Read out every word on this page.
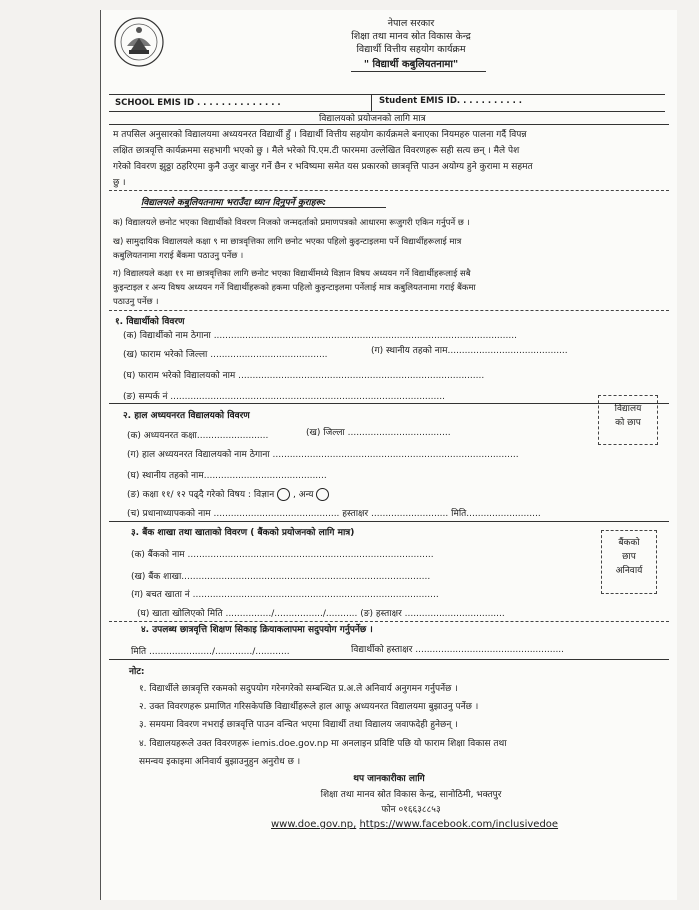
नेपाल सरकार
शिक्षा तथा मानव स्रोत विकास केन्द्र
विद्यार्थी वित्तीय सहयोग कार्यक्रम
" विद्यार्थी कबुलियतनामा"
SCHOOL EMIS ID . . . . . . . . . . . . . .	Student EMIS ID. . . . . . . . . . .
विद्यालयको प्रयोजनको लागि मात्र
म तपसिल अनुसारको विद्यालयमा अध्ययनरत विद्यार्थी हुँ । विद्यार्थी वित्तीय सहयोग कार्यक्रमले बनाएका नियमहरु पालना गर्दै विपन्न
लक्षित छात्रवृत्ति कार्यक्रममा सहभागी भएको छु । मैले भरेको पि.एम.टी फारममा उल्लेखित विवरणहरू सही सत्य छन् । मैले पेश
गरेको विवरण झुठ्ठा ठहरिएमा कुनै उजुर बाजुर गर्ने छैन र भविष्यमा समेत यस प्रकारको छात्रवृत्ति पाउन अयोग्य हुने कुरामा म सहमत
छु ।
विद्यालयले कबुलियतनामा भराउँदा ध्यान दिनुपर्ने कुराहरू:
क) विद्यालयले छनोट भएका विद्यार्थीको विवरण निजको जन्मदर्ताको प्रमाणपत्रको आधारमा रूजुगरी एकिन गर्नुपर्ने छ ।
ख) सामुदायिक विद्यालयले कक्षा ९ मा छात्रवृत्तिका लागि छनोट भएका पहिलो कुइन्टाइलमा पर्ने विद्यार्थीहरूलाई मात्र
कबुलियतनामा गराई बैंकमा पठाउनु पर्नेछ ।
ग) विद्यालयले कक्षा ११ मा छात्रवृत्तिका लागि छनोट भएका विद्यार्थीमध्ये विज्ञान विषय अध्ययन गर्ने विद्यार्थीहरूलाई सबै
कुइन्टाइल र अन्य विषय अध्ययन गर्ने विद्यार्थीहरूको हकमा पहिलो कुइन्टाइलमा पर्नेलाई मात्र कबुलियतनामा गराई बैंकमा
पठाउनु पर्नेछ ।
१. विद्यार्थीको विवरण
(क) विद्यार्थीको नाम ठेगाना ..........................................................................................................
(ख) फाराम भरेको जिल्ला .........................................	(ग) स्थानीय तहको नाम..........................................
(घ) फाराम भरेको विद्यालयको नाम ......................................................................................
(ङ) सम्पर्क नं ................................................................................................
२. हाल अध्ययनरत विद्यालयको विवरण
(क) अध्ययनरत कक्षा.........................	(ख) जिल्ला ....................................
(ग) हाल अध्ययनरत विद्यालयको नाम ठेगाना ......................................................................................
(घ) स्थानीय तहको नाम...........................................
(ङ) कक्षा ११/ १२ पढ्दै गरेको विषय : विज्ञान , अन्य
(च) प्रधानाध्यापकको नाम ............................................ हस्ताक्षर ........................... मिति..........................
विद्यालय
को छाप
३. बैंक शाखा तथा खाताको विवरण ( बैंकको प्रयोजनको लागि मात्र)
(क) बैंकको नाम ......................................................................................
(ख) बैंक शाखा.......................................................................................
(ग) बचत खाता नं ......................................................................................
(घ) खाता खोलिएको मिति ................/................./........... (ङ) हस्ताक्षर ...................................
बैंकको
छाप
अनिवार्य
४. उपलब्ध छात्रवृत्ति शिक्षण सिकाइ क्रियाकलापमा सदुपयोग गर्नुपर्नेछ ।
मिति ....................../............./............	विद्यार्थीको हस्ताक्षर ....................................................
नोट:
१. विद्यार्थीले छात्रवृत्ति रकमको सदुपयोग गरेनगरेको सम्बन्धित प्र.अ.ले अनिवार्य अनुगमन गर्नुपर्नेछ ।
२. उक्त विवरणहरू प्रमाणित गरिसकेपछि विद्यार्थीहरूले हाल आफू अध्ययनरत विद्यालयमा बुझाउनु पर्नेछ ।
३. समयमा विवरण नभराई छात्रवृत्ति पाउन वन्चित भएमा विद्यार्थी तथा विद्यालय जवाफदेही हुनेछन् ।
४. विद्यालयहरूले उक्त विवरणहरू iemis.doe.gov.np मा अनलाइन प्रविष्टि पछि यो फाराम शिक्षा विकास तथा
समन्वय इकाइमा अनिवार्य बुझाउनुहुन अनुरोध छ ।
थप जानकारीका लागि
शिक्षा तथा मानव स्रोत विकास केन्द्र, सानोठिमी, भक्तपुर
फोन ०१६६३८८५३
www.doe.gov.np, https://www.facebook.com/inclusivedoe
